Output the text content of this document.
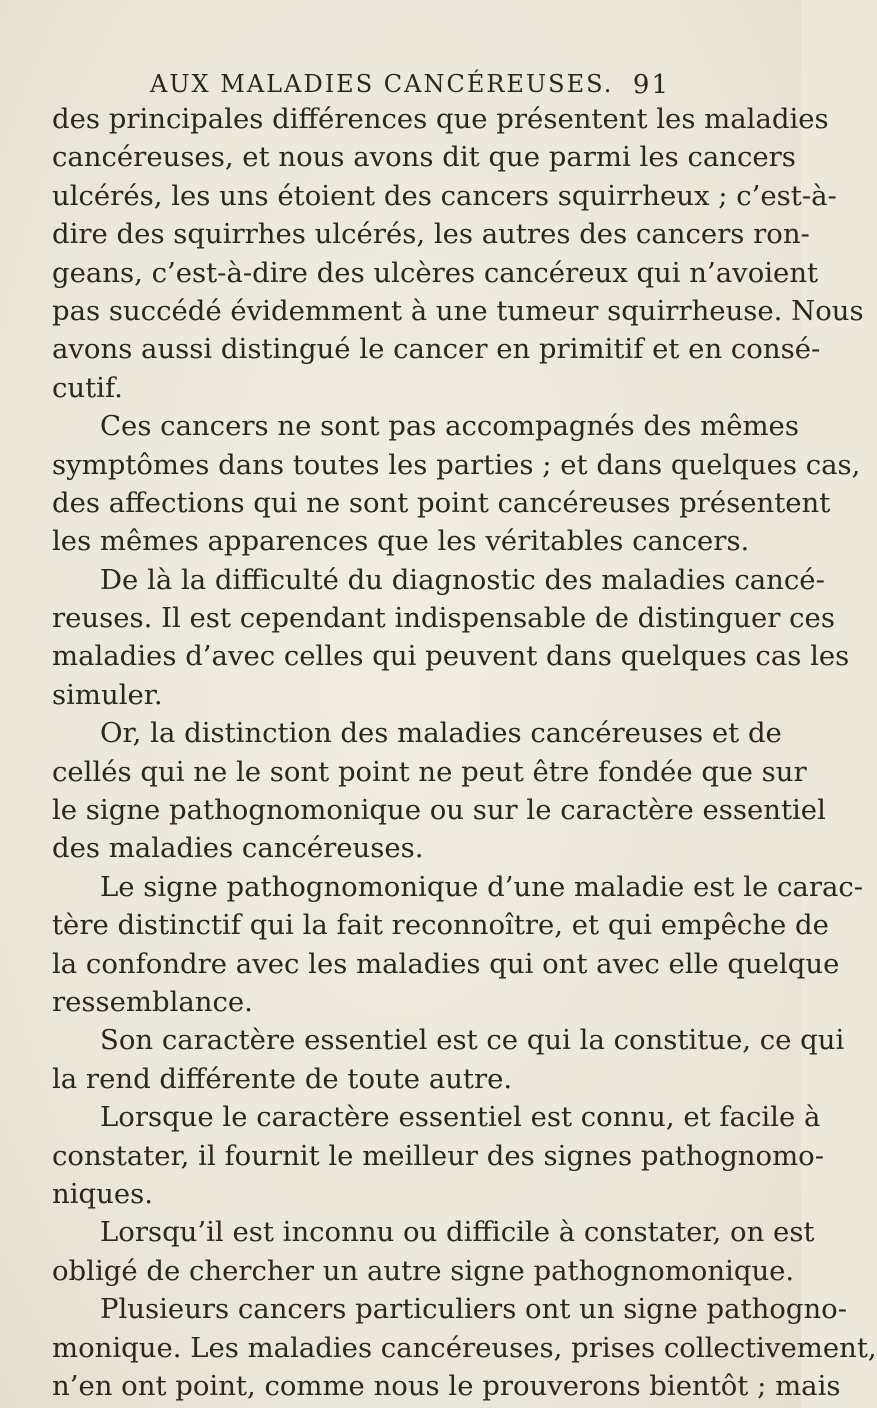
AUX MALADIES CANCÉREUSES. 91
des principales différences que présentent les maladies
cancéreuses, et nous avons dit que parmi les cancers
ulcérés, les uns étoient des cancers squirrheux ; c’est-à-
dire des squirrhes ulcérés, les autres des cancers ron-
geans, c’est-à-dire des ulcères cancéreux qui n’avoient
pas succédé évidemment à une tumeur squirrheuse. Nous
avons aussi distingué le cancer en primitif et en consé-
cutif.
Ces cancers ne sont pas accompagnés des mêmes
symptômes dans toutes les parties ; et dans quelques cas,
des affections qui ne sont point cancéreuses présentent
les mêmes apparences que les véritables cancers.
De là la difficulté du diagnostic des maladies cancé-
reuses. Il est cependant indispensable de distinguer ces
maladies d’avec celles qui peuvent dans quelques cas les
simuler.
Or, la distinction des maladies cancéreuses et de
cellés qui ne le sont point ne peut être fondée que sur
le signe pathognomonique ou sur le caractère essentiel
des maladies cancéreuses.
Le signe pathognomonique d’une maladie est le carac-
tère distinctif qui la fait reconnoître, et qui empêche de
la confondre avec les maladies qui ont avec elle quelque
ressemblance.
Son caractère essentiel est ce qui la constitue, ce qui
la rend différente de toute autre.
Lorsque le caractère essentiel est connu, et facile à
constater, il fournit le meilleur des signes pathognomo-
niques.
Lorsqu’il est inconnu ou difficile à constater, on est
obligé de chercher un autre signe pathognomonique.
Plusieurs cancers particuliers ont un signe pathogno-
monique. Les maladies cancéreuses, prises collectivement,
n’en ont point, comme nous le prouverons bientôt ; mais
